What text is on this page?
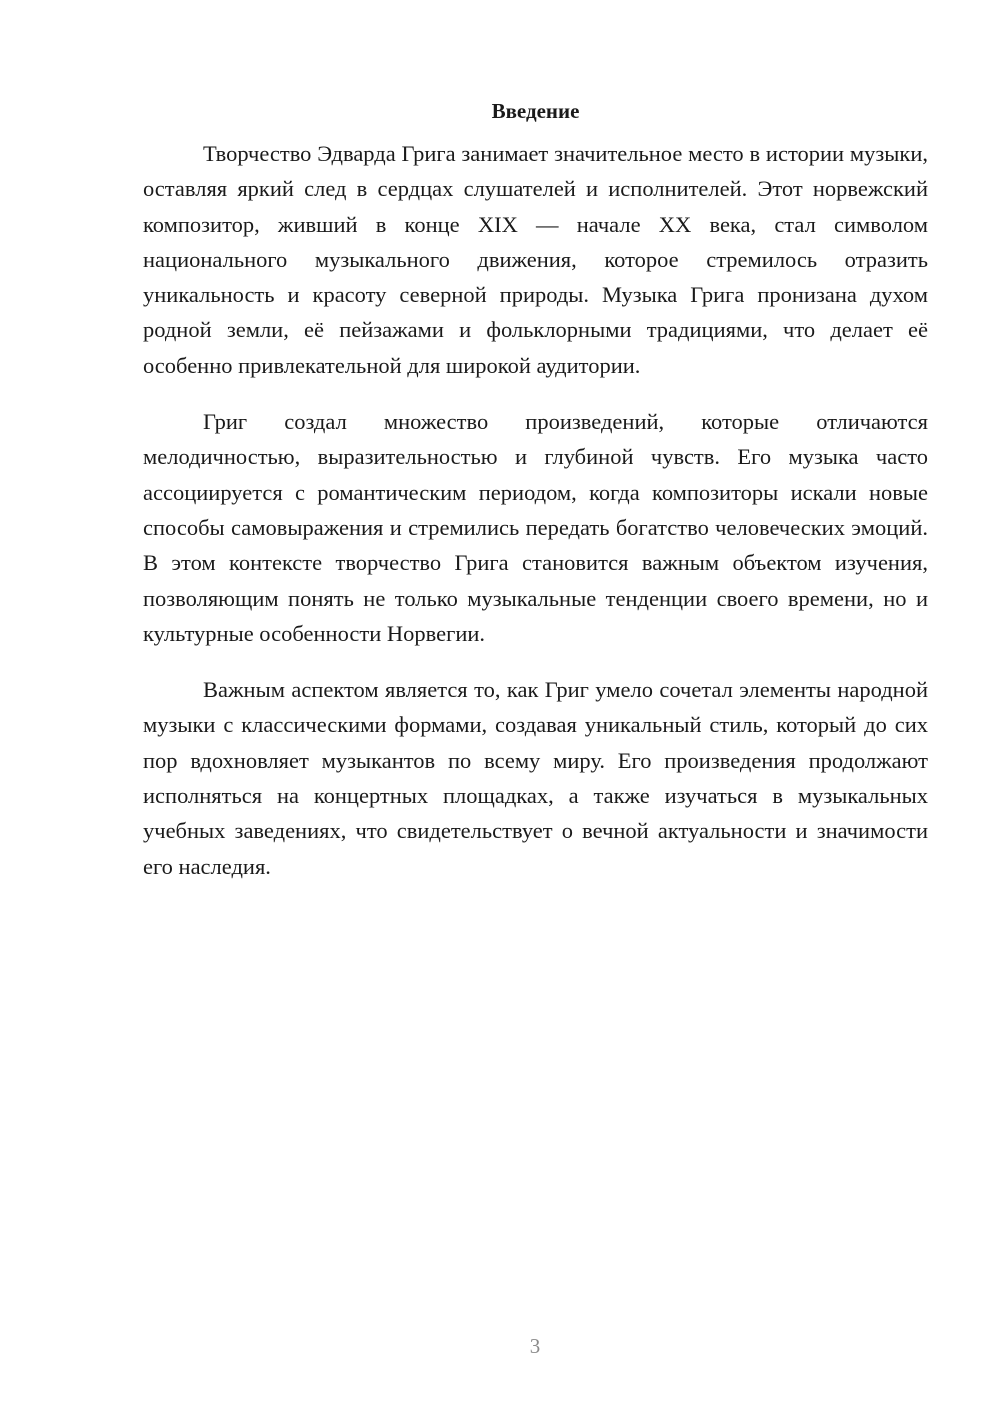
Введение

Творчество Эдварда Грига занимает значительное место в истории музыки, оставляя яркий след в сердцах слушателей и исполнителей. Этот норвежский композитор, живший в конце XIX — начале XX века, стал символом национального музыкального движения, которое стремилось отразить уникальность и красоту северной природы. Музыка Грига пронизана духом родной земли, её пейзажами и фольклорными традициями, что делает её особенно привлекательной для широкой аудитории.

Григ создал множество произведений, которые отличаются мелодичностью, выразительностью и глубиной чувств. Его музыка часто ассоциируется с романтическим периодом, когда композиторы искали новые способы самовыражения и стремились передать богатство человеческих эмоций. В этом контексте творчество Грига становится важным объектом изучения, позволяющим понять не только музыкальные тенденции своего времени, но и культурные особенности Норвегии.

Важным аспектом является то, как Григ умело сочетал элементы народной музыки с классическими формами, создавая уникальный стиль, который до сих пор вдохновляет музыкантов по всему миру. Его произведения продолжают исполняться на концертных площадках, а также изучаться в музыкальных учебных заведениях, что свидетельствует о вечной актуальности и значимости его наследия.

3
